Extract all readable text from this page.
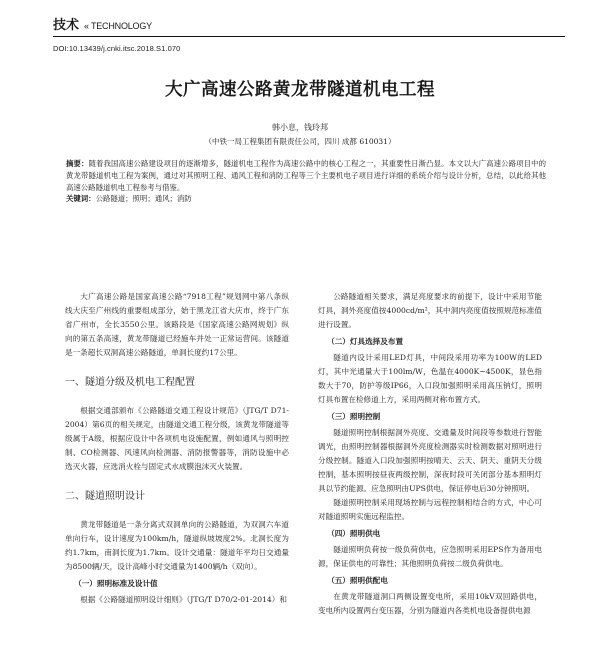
技术 « TECHNOLOGY
DOI:10.13439/j.cnki.itsc.2018.S1.070
大广高速公路黄龙带隧道机电工程
韩小息，钱玲邦
（中铁一局工程集团有限责任公司，四川 成都 610031）
摘要：随着我国高速公路建设项目的逐渐增多，隧道机电工程作为高速公路中的核心工程之一，其重要性日渐凸显。本文以大广高速公路项目中的黄龙带隧道机电工程为案例，通过对其照明工程、通风工程和消防工程等三个主要机电子项目进行详细的系统介绍与设计分析，总结，以此给其他高速公路隧道机电工程参考与借鉴。
关键词：公路隧道；照明；通风；消防

大广高速公路是国家高速公路“7918工程”规划网中第八条纵线大庆至广州线的重要组成部分，始于黑龙江省大庆市，终于广东省广州市，全长3550公里。该路段是《国家高速公路网规划》纵向的第五条高速，黄龙带隧道已经施车并处一正常运营间。该隧道是一条超长双洞高速公路隧道，单洞长度约17公里。

一、隧道分级及机电工程配置

根据交通部颁布《公路隧道交通工程设计规范》（JTG/T D71-2004）第6页的相关规定，由隧道交通工程分级，该黄龙带隧道等级属于A级，根据应设计中各项机电设施配置，例如通风与照明控制、CO检测器、风速风向检测器、消防报警器等，消防设施中必选灭火器，应选消火栓与固定式水成膜泡沫灭火装置。

二、隧道照明设计

黄龙带隧道是一条分离式双洞单向的公路隧道，为双洞六车道单向行车，设计速度为100km/h，隧道纵坡坡度2%。北洞长度为约1.7km，南洞长度为1.7km。设计交通量：隧道年平均日交通量为8500辆/天，设计高峰小时交通量为1400辆/h（双向）。

（一）照明标准及设计值

根据《公路隧道照明设计细则》（JTG/T D70/2-01-2014）和

公路隧道相关要求，满足亮度要求的前提下，设计中采用节能灯具，洞外亮度值按4000cd/m²，其中洞内亮度值按照规范标准值进行设置。

（二）灯具选择及布置

隧道内设计采用LED灯具，中间段采用功率为100W的LED灯，其中光通量大于100lm/W，色温在4000K~4500K，显色指数大于70，防护等级IP66，入口段加强照明采用高压钠灯，照明灯具布置在检修道上方，采用两侧对称布置方式。

（三）照明控制

隧道照明控制根据洞外亮度、交通量及时间段等参数进行智能调光，由照明控制器根据洞外亮度检测器实时检测数据对照明进行分级控制。隧道入口段加强照明按晴天、云天、阴天、重阴天分级控制，基本照明按昼夜两级控制，深夜时段可关闭部分基本照明灯具以节约能源。应急照明由UPS供电，保证停电后30分钟照明。

隧道照明控制采用现场控制与远程控制相结合的方式，中心可对隧道照明实施远程监控。

（四）照明供电

隧道照明负荷按一级负荷供电，应急照明采用EPS作为备用电源，保证供电的可靠性；其他照明负荷按二级负荷供电。

（五）照明供配电

在黄龙带隧道洞口两侧设置变电所，采用10kV双回路供电，变电所内设置两台变压器，分别为隧道内各类机电设备提供电源
